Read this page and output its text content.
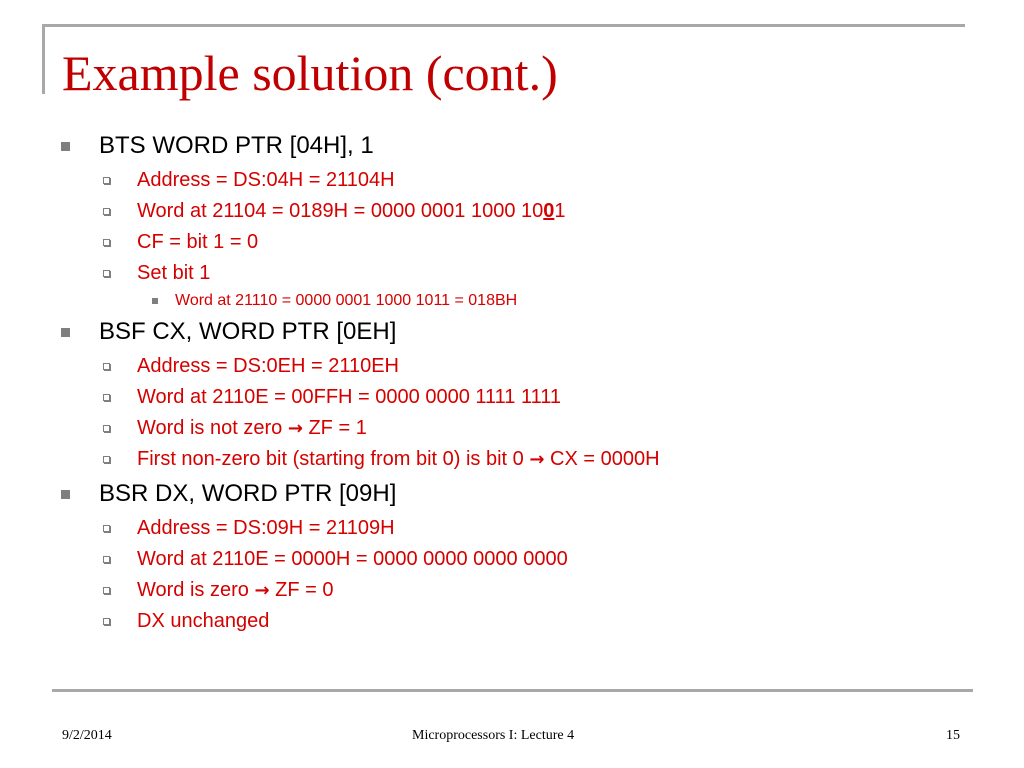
Example solution (cont.)
BTS WORD PTR [04H], 1
Address = DS:04H = 21104H
Word at 21104 = 0189H = 0000 0001 1000 1001
CF = bit 1 = 0
Set bit 1
Word at 21110 = 0000 0001 1000 1011 = 018BH
BSF CX, WORD PTR [0EH]
Address = DS:0EH = 2110EH
Word at 2110E = 00FFH = 0000 0000 1111 1111
Word is not zero → ZF = 1
First non-zero bit (starting from bit 0) is bit 0 → CX = 0000H
BSR DX, WORD PTR [09H]
Address = DS:09H = 21109H
Word at 2110E = 0000H = 0000 0000 0000 0000
Word is zero → ZF = 0
DX unchanged
9/2/2014	Microprocessors I: Lecture 4	15
